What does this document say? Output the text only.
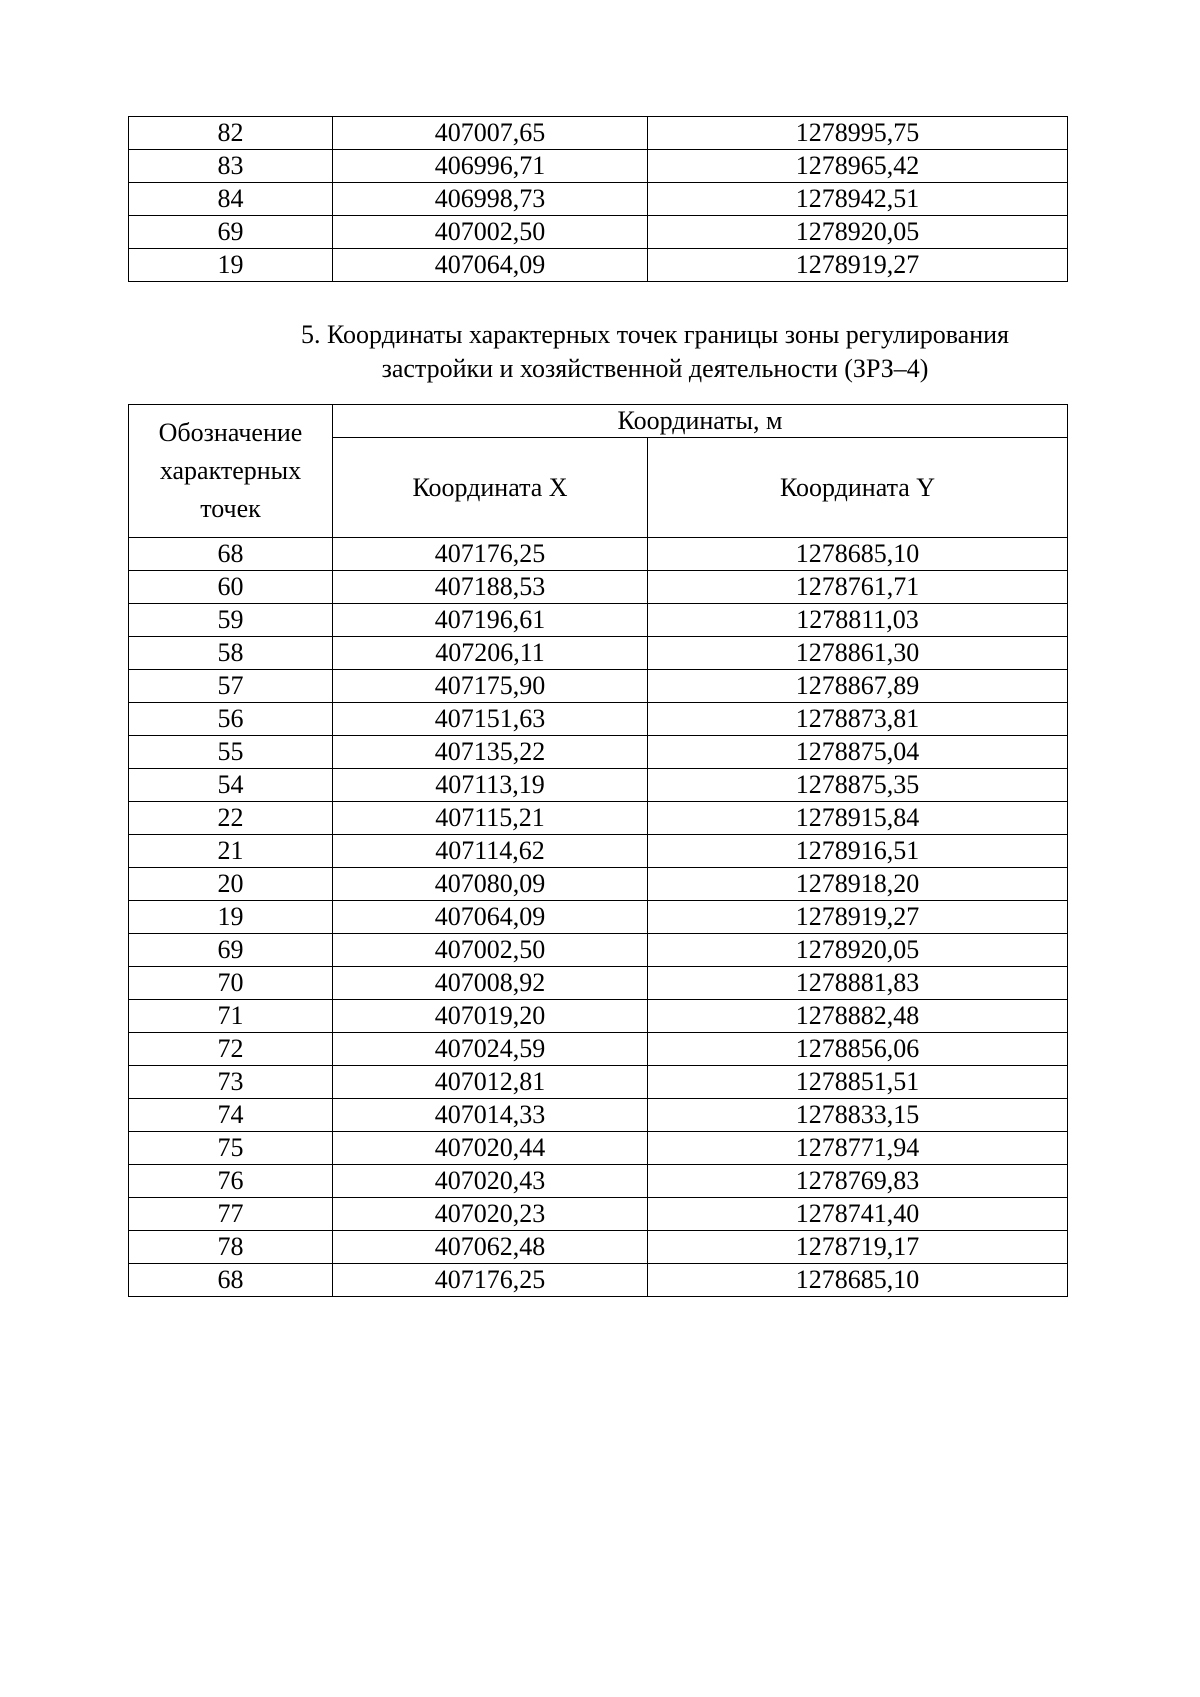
82	407007,65	1278995,75
83	406996,71	1278965,42
84	406998,73	1278942,51
69	407002,50	1278920,05
19	407064,09	1278919,27
5. Координаты характерных точек границы зоны регулирования
застройки и хозяйственной деятельности (ЗРЗ–4)
Обозначение характерных точек	Координаты, м	
	Координата X	Координата Y
68	407176,25	1278685,10
60	407188,53	1278761,71
59	407196,61	1278811,03
58	407206,11	1278861,30
57	407175,90	1278867,89
56	407151,63	1278873,81
55	407135,22	1278875,04
54	407113,19	1278875,35
22	407115,21	1278915,84
21	407114,62	1278916,51
20	407080,09	1278918,20
19	407064,09	1278919,27
69	407002,50	1278920,05
70	407008,92	1278881,83
71	407019,20	1278882,48
72	407024,59	1278856,06
73	407012,81	1278851,51
74	407014,33	1278833,15
75	407020,44	1278771,94
76	407020,43	1278769,83
77	407020,23	1278741,40
78	407062,48	1278719,17
68	407176,25	1278685,10
